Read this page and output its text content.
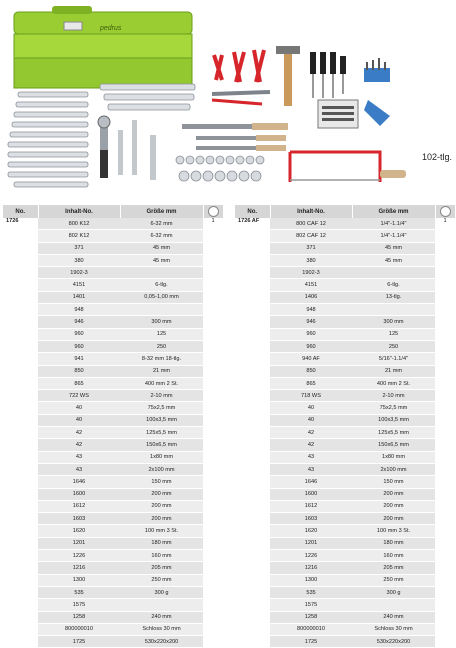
pedrus
102-tlg.
No.	Inhalt-No.	Größe mm	
1726	800 K12	6-32 mm	1
	802 K12	6-32 mm	
	371	45 mm	
	380	45 mm	
	1902-3		
	4151	6-tlg.	
	1401	0,05-1,00 mm	
	948		
	946	300 mm	
	960	125	
	960	250	
	941	8-32 mm 18-tlg.	
	850	21 mm	
	865	400 mm 2 St.	
	722 WS	2-10 mm	
	40	75x2,5 mm	
	40	100x3,5 mm	
	42	125x5,5 mm	
	42	150x6,5 mm	
	43	1x80 mm	
	43	2x100 mm	
	1646	150 mm	
	1600	200 mm	
	1612	200 mm	
	1603	200 mm	
	1620	100 mm 3 St.	
	1201	180 mm	
	1226	160 mm	
	1216	205 mm	
	1300	250 mm	
	535	300 g	
	1575		
	1258	240 mm	
	800000010	Schloss 30 mm	
	1725	530x220x200	
No.	Inhalt-No.	Größe mm	
1726 AF	800 CAF 12	1/4"-1.1/4"	1
	802 CAF 12	1/4"-1.1/4"	
	371	45 mm	
	380	45 mm	
	1902-3		
	4151	6-tlg.	
	1406	13-tlg.	
	948		
	946	300 mm	
	960	125	
	960	250	
	940 AF	5/16"-1.1/4"	
	850	21 mm	
	865	400 mm 2 St.	
	718 WS	2-10 mm	
	40	75x2,5 mm	
	40	100x3,5 mm	
	42	125x5,5 mm	
	42	150x6,5 mm	
	43	1x80 mm	
	43	2x100 mm	
	1646	150 mm	
	1600	200 mm	
	1612	200 mm	
	1603	200 mm	
	1620	100 mm 3 St.	
	1201	180 mm	
	1226	160 mm	
	1216	205 mm	
	1300	250 mm	
	535	300 g	
	1575		
	1258	240 mm	
	800000010	Schloss 30 mm	
	1725	530x220x200	
